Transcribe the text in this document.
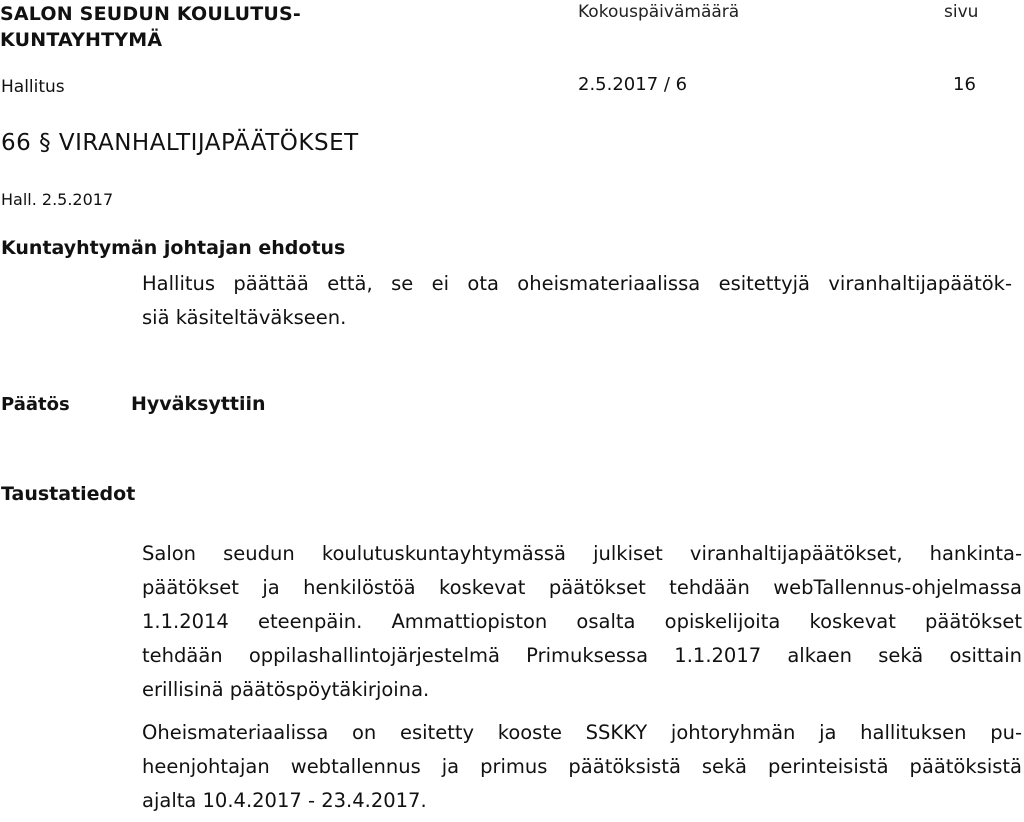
SALON SEUDUN KOULUTUS-
KUNTAYHTYMÄ
Kokouspäivämäärä	sivu
Hallitus	2.5.2017 / 6	16
66 § VIRANHALTIJAPÄÄTÖKSET
Hall. 2.5.2017
Kuntayhtymän johtajan ehdotus
Hallitus päättää että, se ei ota oheismateriaalissa esitettyjä viranhaltijapäätök-
siä käsiteltäväkseen.
Päätös	Hyväksyttiin
Taustatiedot
Salon seudun koulutuskuntayhtymässä julkiset viranhaltijapäätökset, hankinta-
päätökset ja henkilöstöä koskevat päätökset tehdään webTallennus-ohjelmassa
1.1.2014 eteenpäin. Ammattiopiston osalta opiskelijoita koskevat päätökset
tehdään oppilashallintojärjestelmä Primuksessa 1.1.2017 alkaen sekä osittain
erillisinä päätöspöytäkirjoina.
Oheismateriaalissa on esitetty kooste SSKKY johtoryhmän ja hallituksen pu-
heenjohtajan webtallennus ja primus päätöksistä sekä perinteisistä päätöksistä
ajalta 10.4.2017 - 23.4.2017.
